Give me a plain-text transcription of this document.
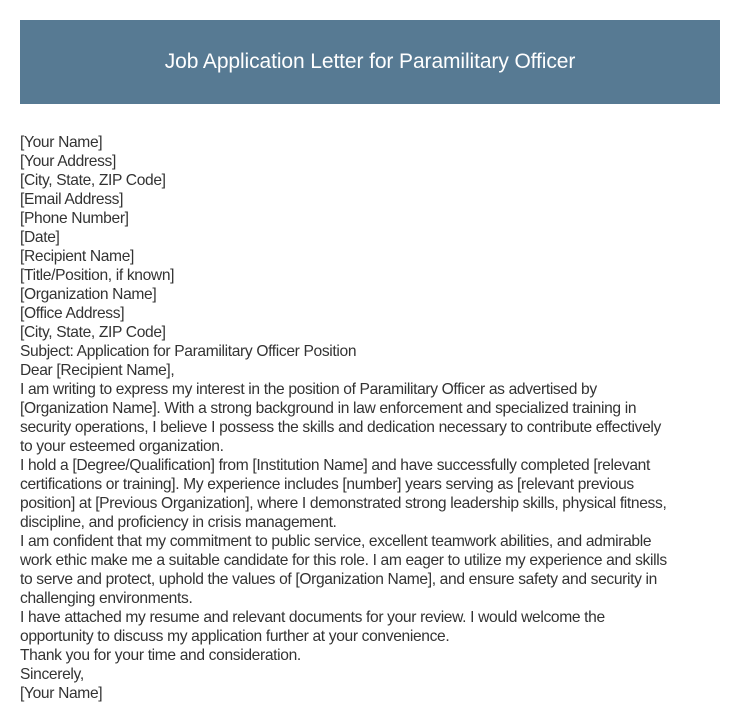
Job Application Letter for Paramilitary Officer
[Your Name]
[Your Address]
[City, State, ZIP Code]
[Email Address]
[Phone Number]
[Date]
[Recipient Name]
[Title/Position, if known]
[Organization Name]
[Office Address]
[City, State, ZIP Code]
Subject: Application for Paramilitary Officer Position
Dear [Recipient Name],
I am writing to express my interest in the position of Paramilitary Officer as advertised by
[Organization Name]. With a strong background in law enforcement and specialized training in
security operations, I believe I possess the skills and dedication necessary to contribute effectively
to your esteemed organization.
I hold a [Degree/Qualification] from [Institution Name] and have successfully completed [relevant
certifications or training]. My experience includes [number] years serving as [relevant previous
position] at [Previous Organization], where I demonstrated strong leadership skills, physical fitness,
discipline, and proficiency in crisis management.
I am confident that my commitment to public service, excellent teamwork abilities, and admirable
work ethic make me a suitable candidate for this role. I am eager to utilize my experience and skills
to serve and protect, uphold the values of [Organization Name], and ensure safety and security in
challenging environments.
I have attached my resume and relevant documents for your review. I would welcome the
opportunity to discuss my application further at your convenience.
Thank you for your time and consideration.
Sincerely,
[Your Name]
